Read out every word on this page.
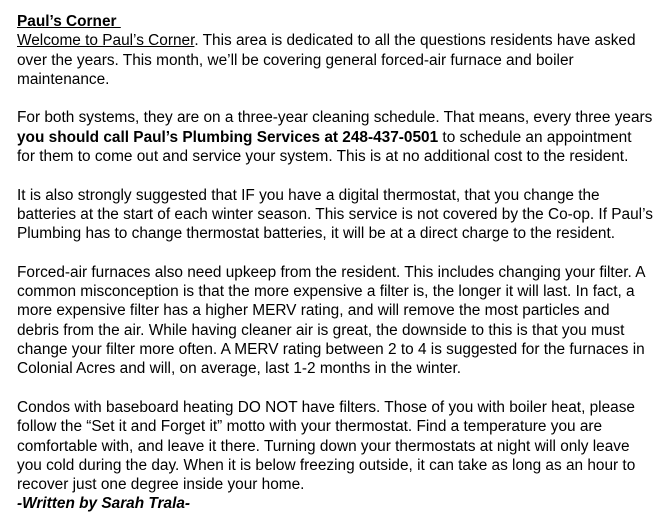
Paul’s Corner

Welcome to Paul’s Corner. This area is dedicated to all the questions residents have asked over the years. This month, we’ll be covering general forced-air furnace and boiler maintenance.

For both systems, they are on a three-year cleaning schedule. That means, every three years you should call Paul’s Plumbing Services at 248-437-0501 to schedule an appointment for them to come out and service your system. This is at no additional cost to the resident.

It is also strongly suggested that IF you have a digital thermostat, that you change the batteries at the start of each winter season. This service is not covered by the Co-op. If Paul’s Plumbing has to change thermostat batteries, it will be at a direct charge to the resident.

Forced-air furnaces also need upkeep from the resident. This includes changing your filter. A common misconception is that the more expensive a filter is, the longer it will last. In fact, a more expensive filter has a higher MERV rating, and will remove the most particles and debris from the air. While having cleaner air is great, the downside to this is that you must change your filter more often. A MERV rating between 2 to 4 is suggested for the furnaces in Colonial Acres and will, on average, last 1-2 months in the winter.

Condos with baseboard heating DO NOT have filters. Those of you with boiler heat, please follow the “Set it and Forget it” motto with your thermostat. Find a temperature you are comfortable with, and leave it there. Turning down your thermostats at night will only leave you cold during the day. When it is below freezing outside, it can take as long as an hour to recover just one degree inside your home.

-Written by Sarah Trala-
